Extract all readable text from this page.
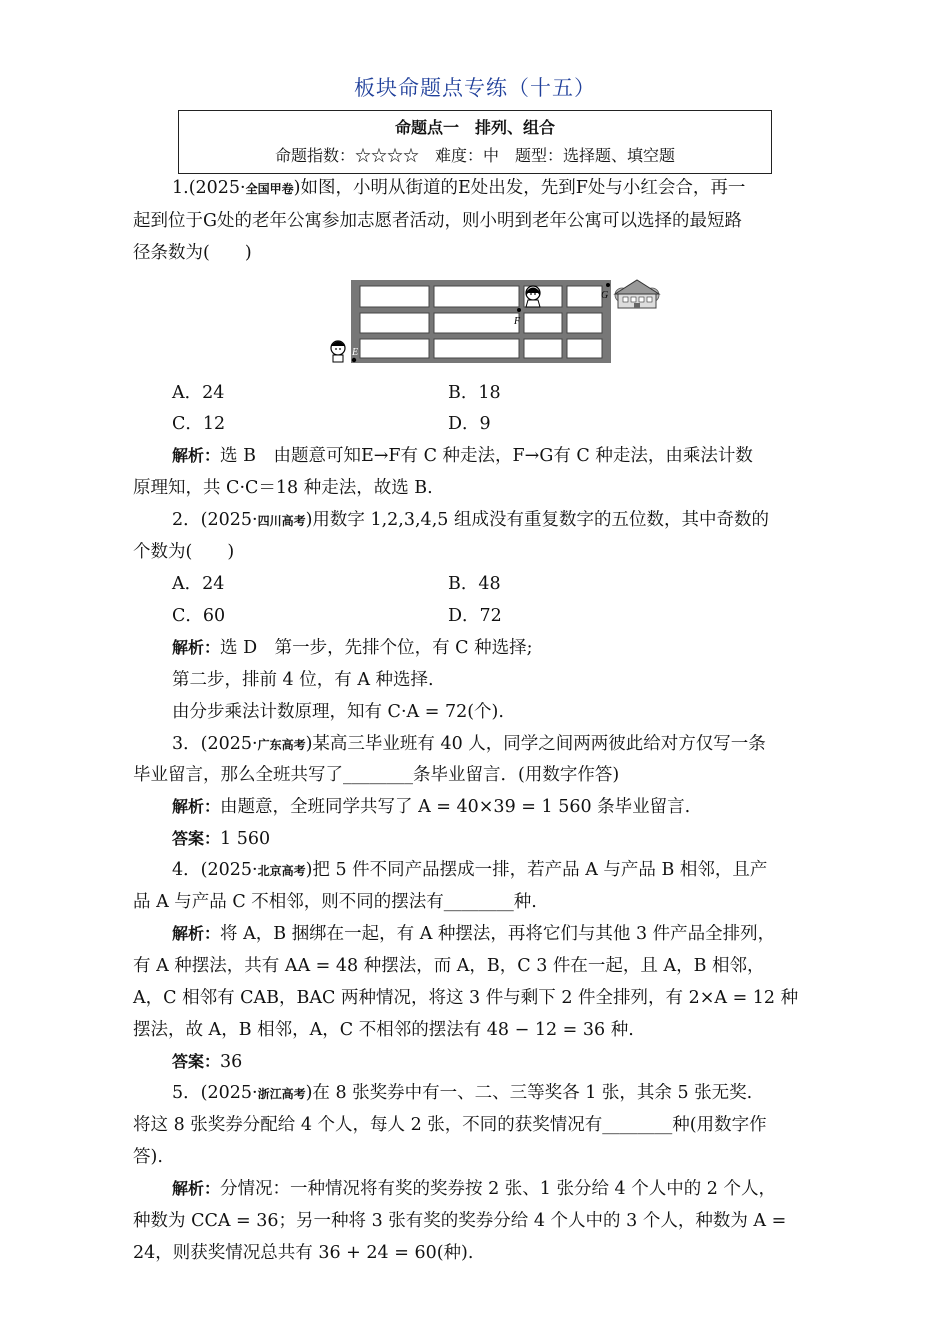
板块命题点专练（十五）
命题点一　排列、组合
命题指数：☆☆☆☆　难度：中　题型：选择题、填空题
1.(2025·全国甲卷)如图，小明从街道的E处出发，先到F处与小红会合，再一
起到位于G处的老年公寓参加志愿者活动，则小明到老年公寓可以选择的最短路
径条数为(　　)
E
F
G
A．24	B．18
C．12	D．9
解析：选 B　由题意可知E→F有 C 种走法，F→G有 C 种走法，由乘法计数
原理知，共 C·C＝18 种走法，故选 B.
2．(2025·四川高考)用数字 1,2,3,4,5 组成没有重复数字的五位数，其中奇数的
个数为(　　)
A．24	B．48
C．60	D．72
解析：选 D　第一步，先排个位，有 C 种选择;
第二步，排前 4 位，有 A 种选择.
由分步乘法计数原理，知有 C·A = 72(个).
3．(2025·广东高考)某高三毕业班有 40 人，同学之间两两彼此给对方仅写一条
毕业留言，那么全班共写了________条毕业留言．(用数字作答)
解析：由题意，全班同学共写了 A = 40×39 = 1 560 条毕业留言.
答案：1 560
4．(2025·北京高考)把 5 件不同产品摆成一排，若产品 A 与产品 B 相邻，且产
品 A 与产品 C 不相邻，则不同的摆法有________种.
解析：将 A，B 捆绑在一起，有 A 种摆法，再将它们与其他 3 件产品全排列，
有 A 种摆法，共有 AA = 48 种摆法，而 A，B，C 3 件在一起，且 A，B 相邻，
A，C 相邻有 CAB，BAC 两种情况，将这 3 件与剩下 2 件全排列，有 2×A = 12 种
摆法，故 A，B 相邻，A，C 不相邻的摆法有 48 − 12 = 36 种.
答案：36
5．(2025·浙江高考)在 8 张奖券中有一、二、三等奖各 1 张，其余 5 张无奖.
将这 8 张奖券分配给 4 个人，每人 2 张，不同的获奖情况有________种(用数字作
答).
解析：分情况：一种情况将有奖的奖券按 2 张、1 张分给 4 个人中的 2 个人，
种数为 CCA = 36；另一种将 3 张有奖的奖券分给 4 个人中的 3 个人，种数为 A =
24，则获奖情况总共有 36 + 24 = 60(种).
